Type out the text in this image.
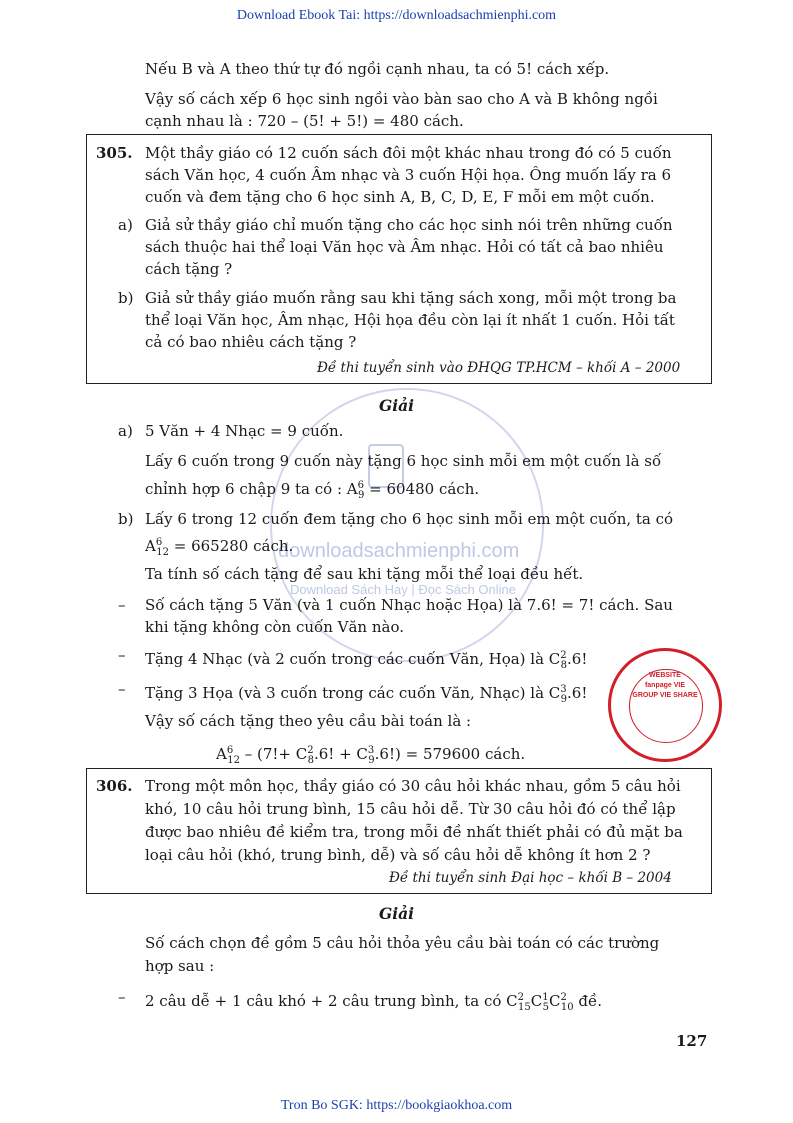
Download Ebook Tai: https://downloadsachmienphi.com
Nếu B và A theo thứ tự đó ngồi cạnh nhau, ta có 5! cách xếp.
Vậy số cách xếp 6 học sinh ngồi vào bàn sao cho A và B không ngồi
cạnh nhau là : 720 – (5! + 5!) = 480 cách.
305. Một thầy giáo có 12 cuốn sách đôi một khác nhau trong đó có 5 cuốn
sách Văn học, 4 cuốn Âm nhạc và 3 cuốn Hội họa. Ông muốn lấy ra 6
cuốn và đem tặng cho 6 học sinh A, B, C, D, E, F mỗi em một cuốn.
a) Giả sử thầy giáo chỉ muốn tặng cho các học sinh nói trên những cuốn
sách thuộc hai thể loại Văn học và Âm nhạc. Hỏi có tất cả bao nhiêu
cách tặng ?
b) Giả sử thầy giáo muốn rằng sau khi tặng sách xong, mỗi một trong ba
thể loại Văn học, Âm nhạc, Hội họa đều còn lại ít nhất 1 cuốn. Hỏi tất
cả có bao nhiêu cách tặng ?
Đề thi tuyển sinh vào ĐHQG TP.HCM – khối A – 2000
downloadsachmienphi.com
Download Sách Hay | Đọc Sách Online
Giải
a) 5 Văn + 4 Nhạc = 9 cuốn.
Lấy 6 cuốn trong 9 cuốn này tặng 6 học sinh mỗi em một cuốn là số
chỉnh hợp 6 chập 9 ta có : $A^6_9 = 60480$ cách.
b) Lấy 6 trong 12 cuốn đem tặng cho 6 học sinh mỗi em một cuốn, ta có
$A^6_{12} = 665280$ cách.
Ta tính số cách tặng để sau khi tặng mỗi thể loại đều hết.
– Số cách tặng 5 Văn (và 1 cuốn Nhạc hoặc Họa) là 7.6! = 7! cách. Sau
khi tặng không còn cuốn Văn nào.
– Tặng 4 Nhạc (và 2 cuốn trong các cuốn Văn, Họa) là $C^2_8.6$!
– Tặng 3 Họa (và 3 cuốn trong các cuốn Văn, Nhạc) là $C^3_9.6$!
Vậy số cách tặng theo yêu cầu bài toán là :
$A^6_{12} - (7!+ C^2_8.6$! + $C^3_9.6!) = 579600$ cách.
WEBSITE
fanpage VIE
GROUP VIE SHARE
306. Trong một môn học, thầy giáo có 30 câu hỏi khác nhau, gồm 5 câu hỏi
khó, 10 câu hỏi trung bình, 15 câu hỏi dễ. Từ 30 câu hỏi đó có thể lập
được bao nhiêu đề kiểm tra, trong mỗi đề nhất thiết phải có đủ mặt ba
loại câu hỏi (khó, trung bình, dễ) và số câu hỏi dễ không ít hơn 2 ?
Đề thi tuyển sinh Đại học – khối B – 2004
Giải
Số cách chọn đề gồm 5 câu hỏi thỏa yêu cầu bài toán có các trường
hợp sau :
– 2 câu dễ + 1 câu khó + 2 câu trung bình, ta có $C^2_{15}C^1_5C^2_{10}$ đề.
127
Tron Bo SGK: https://bookgiaokhoa.com
